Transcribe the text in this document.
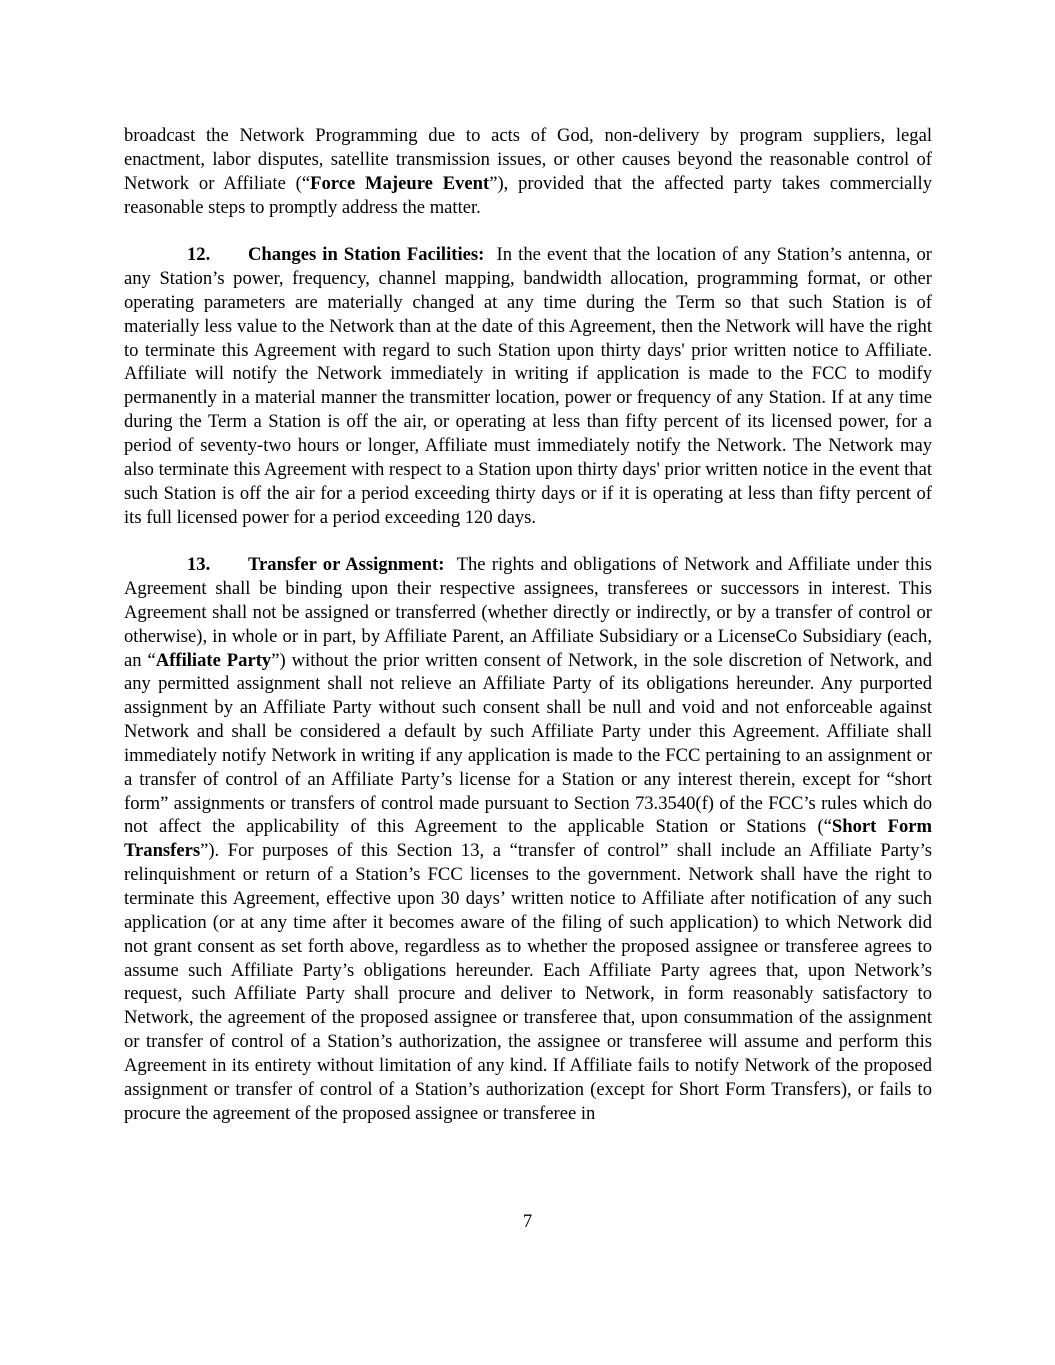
broadcast the Network Programming due to acts of God, non-delivery by program suppliers, legal enactment, labor disputes, satellite transmission issues, or other causes beyond the reasonable control of Network or Affiliate (“Force Majeure Event”), provided that the affected party takes commercially reasonable steps to promptly address the matter.

12. Changes in Station Facilities: In the event that the location of any Station’s antenna, or any Station’s power, frequency, channel mapping, bandwidth allocation, programming format, or other operating parameters are materially changed at any time during the Term so that such Station is of materially less value to the Network than at the date of this Agreement, then the Network will have the right to terminate this Agreement with regard to such Station upon thirty days' prior written notice to Affiliate. Affiliate will notify the Network immediately in writing if application is made to the FCC to modify permanently in a material manner the transmitter location, power or frequency of any Station. If at any time during the Term a Station is off the air, or operating at less than fifty percent of its licensed power, for a period of seventy-two hours or longer, Affiliate must immediately notify the Network. The Network may also terminate this Agreement with respect to a Station upon thirty days' prior written notice in the event that such Station is off the air for a period exceeding thirty days or if it is operating at less than fifty percent of its full licensed power for a period exceeding 120 days.

13. Transfer or Assignment: The rights and obligations of Network and Affiliate under this Agreement shall be binding upon their respective assignees, transferees or successors in interest. This Agreement shall not be assigned or transferred (whether directly or indirectly, or by a transfer of control or otherwise), in whole or in part, by Affiliate Parent, an Affiliate Subsidiary or a LicenseCo Subsidiary (each, an “Affiliate Party”) without the prior written consent of Network, in the sole discretion of Network, and any permitted assignment shall not relieve an Affiliate Party of its obligations hereunder. Any purported assignment by an Affiliate Party without such consent shall be null and void and not enforceable against Network and shall be considered a default by such Affiliate Party under this Agreement. Affiliate shall immediately notify Network in writing if any application is made to the FCC pertaining to an assignment or a transfer of control of an Affiliate Party’s license for a Station or any interest therein, except for “short form” assignments or transfers of control made pursuant to Section 73.3540(f) of the FCC’s rules which do not affect the applicability of this Agreement to the applicable Station or Stations (“Short Form Transfers”). For purposes of this Section 13, a “transfer of control” shall include an Affiliate Party’s relinquishment or return of a Station’s FCC licenses to the government. Network shall have the right to terminate this Agreement, effective upon 30 days’ written notice to Affiliate after notification of any such application (or at any time after it becomes aware of the filing of such application) to which Network did not grant consent as set forth above, regardless as to whether the proposed assignee or transferee agrees to assume such Affiliate Party’s obligations hereunder. Each Affiliate Party agrees that, upon Network’s request, such Affiliate Party shall procure and deliver to Network, in form reasonably satisfactory to Network, the agreement of the proposed assignee or transferee that, upon consummation of the assignment or transfer of control of a Station’s authorization, the assignee or transferee will assume and perform this Agreement in its entirety without limitation of any kind. If Affiliate fails to notify Network of the proposed assignment or transfer of control of a Station’s authorization (except for Short Form Transfers), or fails to procure the agreement of the proposed assignee or transferee in

7
